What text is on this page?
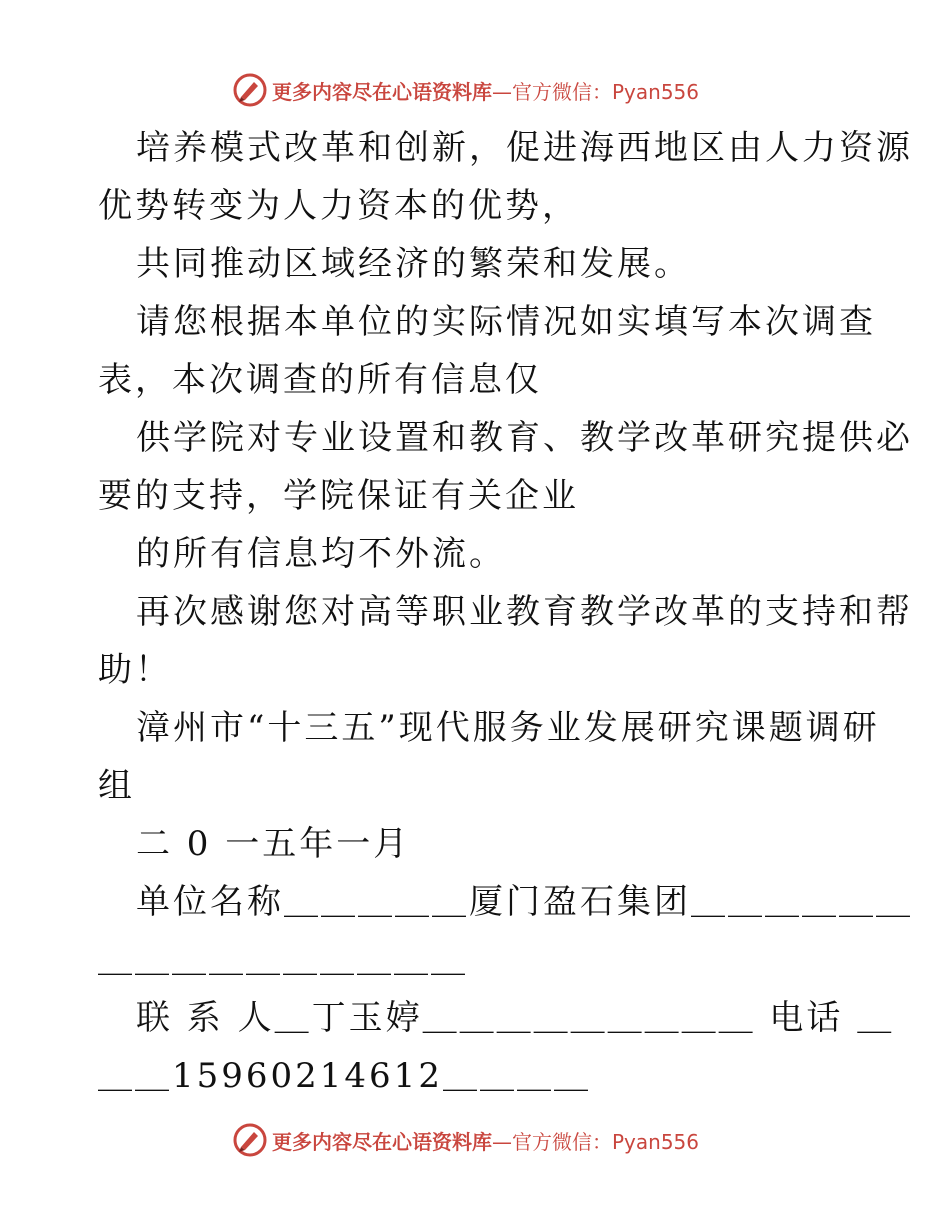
更多内容尽在心语资料库—官方微信：Pyan556
培养模式改革和创新，促进海西地区由人力资源
优势转变为人力资本的优势，
共同推动区域经济的繁荣和发展。
请您根据本单位的实际情况如实填写本次调查
表，本次调查的所有信息仅
供学院对专业设置和教育、教学改革研究提供必
要的支持，学院保证有关企业
的所有信息均不外流。
再次感谢您对高等职业教育教学改革的支持和帮
助！
漳州市“十三五”现代服务业发展研究课题调研
组
二 0 一五年一月
单位名称＿＿＿＿＿厦门盈石集团＿＿＿＿＿＿
＿＿＿＿＿＿＿＿＿＿
联 系 人＿丁玉婷＿＿＿＿＿＿＿＿＿ 电话 ＿
＿＿15960214612＿＿＿＿
更多内容尽在心语资料库—官方微信：Pyan556
